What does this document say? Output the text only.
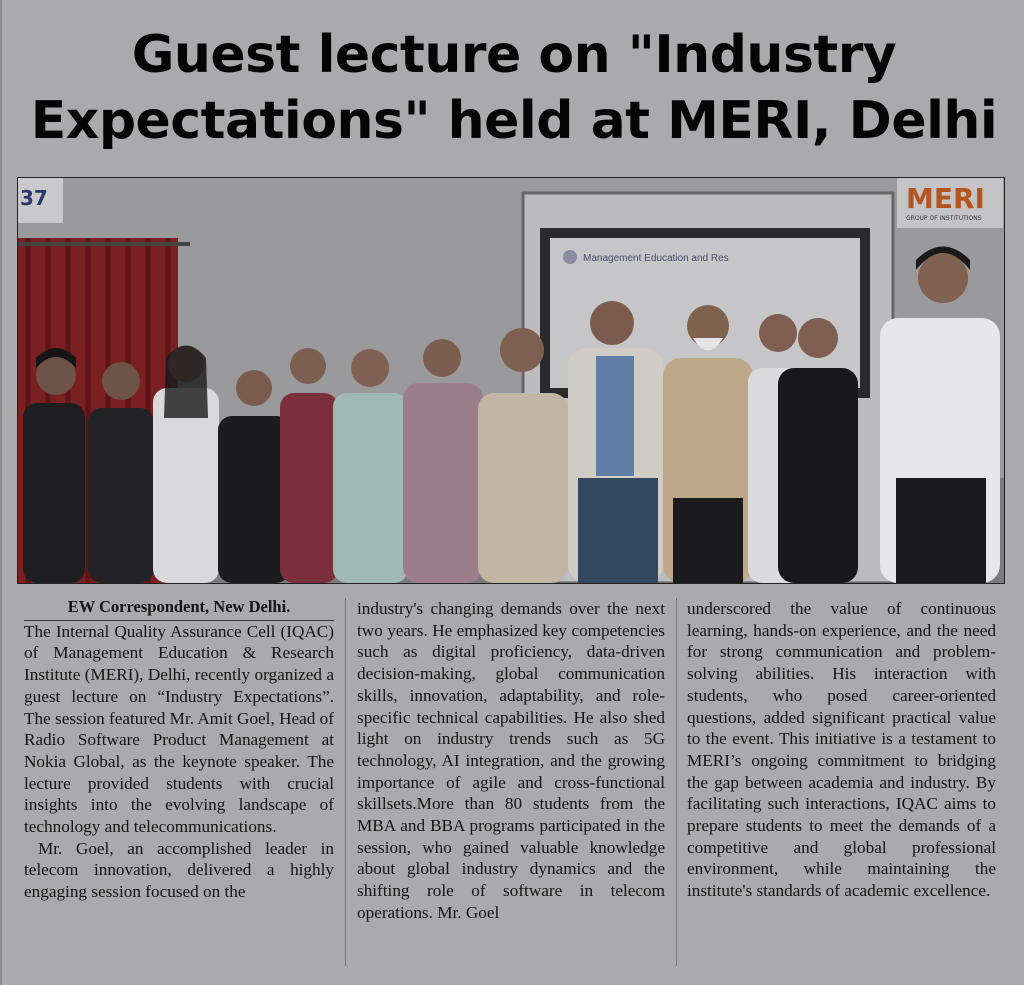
Guest lecture on "Industry
Expectations" held at MERI, Delhi
Management Education and Res
37	MERI
GROUP OF INSTITUTIONS

EW Correspondent, New Delhi.

The Internal Quality Assurance Cell (IQAC) of Management Education & Research Institute (MERI), Delhi, recently organized a guest lecture on “Industry Expectations”. The session featured Mr. Amit Goel, Head of Radio Software Product Management at Nokia Global, as the keynote speaker. The lecture provided students with crucial insights into the evolving landscape of technology and telecommunications.

Mr. Goel, an accomplished leader in telecom innovation, delivered a highly engaging session focused on the

industry's changing demands over the next two years. He emphasized key competencies such as digital proficiency, data-driven decision-making, global communication skills, innovation, adaptability, and role-specific technical capabilities. He also shed light on industry trends such as 5G technology, AI integration, and the growing importance of agile and cross-functional skillsets.More than 80 students from the MBA and BBA programs participated in the session, who gained valuable knowledge about global industry dynamics and the shifting role of software in telecom operations. Mr. Goel

underscored the value of continuous learning, hands-on experience, and the need for strong communication and problem-solving abilities. His interaction with students, who posed career-oriented questions, added significant practical value to the event. This initiative is a testament to MERI’s ongoing commitment to bridging the gap between academia and industry. By facilitating such interactions, IQAC aims to prepare students to meet the demands of a competitive and global professional environment, while maintaining the institute's standards of academic excellence.
